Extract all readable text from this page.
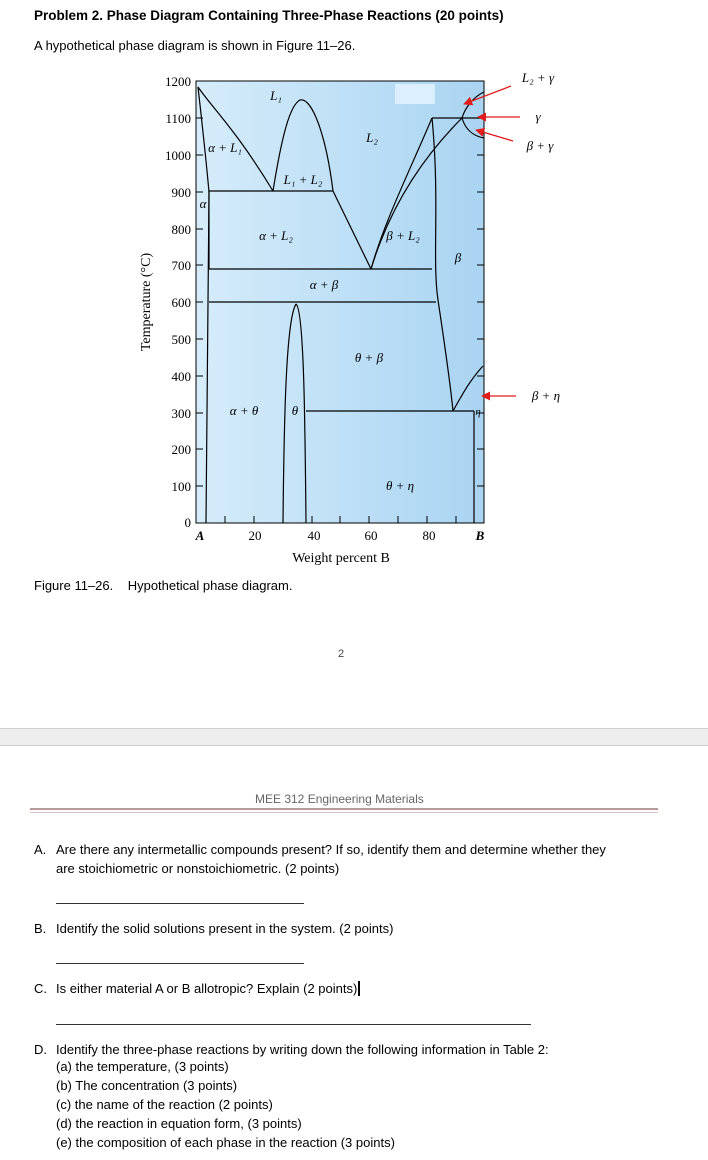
Problem 2. Phase Diagram Containing Three-Phase Reactions (20 points)
A hypothetical phase diagram is shown in Figure 11–26.
1200
1100
1000
900
800
700
600
500
400
300
200
100
0
A	20	40	60	80	B
Weight percent B
Temperature (°C)
L₁
L₂
α + L₁
L₁ + L₂
α
α + L₂	β + L₂
β
α + β
θ + β
α + θ	θ	η
θ + η
L₂ + γ
γ
β + γ
β + η
Figure 11–26.    Hypothetical phase diagram.
2
MEE 312 Engineering Materials
A. Are there any intermetallic compounds present? If so, identify them and determine whether they
are stoichiometric or nonstoichiometric. (2 points)
B. Identify the solid solutions present in the system. (2 points)
C. Is either material A or B allotropic? Explain (2 points)
D. Identify the three-phase reactions by writing down the following information in Table 2:
(a) the temperature, (3 points)
(b) The concentration (3 points)
(c) the name of the reaction (2 points)
(d) the reaction in equation form, (3 points)
(e) the composition of each phase in the reaction (3 points)
